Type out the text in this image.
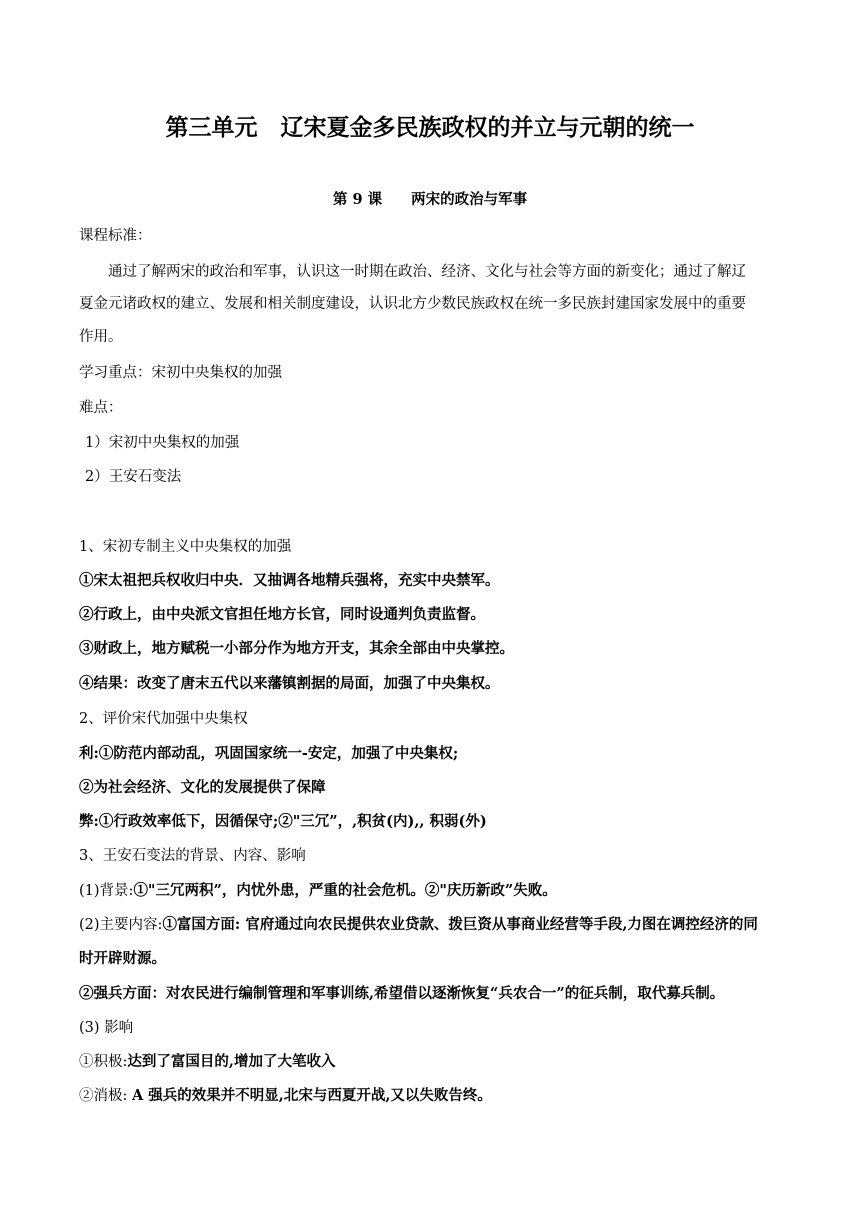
第三单元　辽宋夏金多民族政权的并立与元朝的统一
第 9 课　　 两宋的政治与军事
课程标准：
通过了解两宋的政治和军事，认识这一时期在政治、经济、文化与社会等方面的新变化；通过了解辽
夏金元诸政权的建立、发展和相关制度建设，认识北方少数民族政权在统一多民族封建国家发展中的重要
作用。
学习重点：宋初中央集权的加强
难点：
1）宋初中央集权的加强
2）王安石变法
1、宋初专制主义中央集权的加强
①宋太祖把兵权收归中央．又抽调各地精兵强将，充实中央禁军。
②行政上，由中央派文官担任地方长官，同时设通判负责监督。
③财政上，地方赋税一小部分作为地方开支，其余全部由中央掌控。
④结果：改变了唐末五代以来藩镇割据的局面，加强了中央集权。
2、评价宋代加强中央集权
利:①防范内部动乱，巩固国家统一-安定，加强了中央集权;
②为社会经济、文化的发展提供了保障
弊:①行政效率低下，因循保守;②"三冗”，,积贫(内),, 积弱(外)
3、王安石变法的背景、内容、影响
(1)背景:①"三冗两积”，内忧外患，严重的社会危机。②"庆历新政”失败。
(2)主要内容:①富国方面: 官府通过向农民提供农业贷款、拨巨资从事商业经营等手段,力图在调控经济的同
时开辟财源。
②强兵方面：对农民进行编制管理和军事训练,希望借以逐渐恢复“兵农合一”的征兵制，取代募兵制。
(3) 影响
①积极:达到了富国目的,增加了大笔收入
②消极: A 强兵的效果并不明显,北宋与西夏开战,又以失败告终。
